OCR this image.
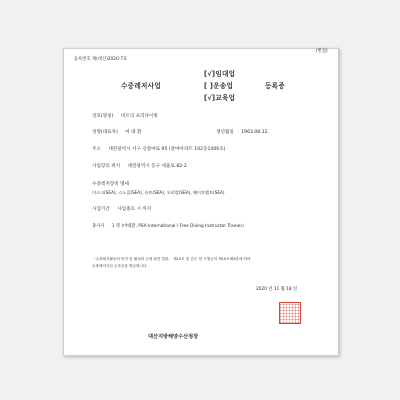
등록번호 제(대산)2020-7호
(별첨)
[√]임대업
수중레저사업	[ ]운송업	등록증
[√]교육업
상호(명칭) 비르리 프리다이빙
성명(대표자) 마 대 환	생년월일 1963.08.12.
주소 대전광역시 서구 신갈마로 95 (갈마아파트 102동1406호)
사업장의 위치 대전광역시 동구 세울로 82-2
수중레저장비 명세
이스크(SEA), 스노클(SEA), 슈트(SEA), 오리발(SEA), 웨이트벨트(SEA)
사업기간 사업종료 시 까지
종사자 1 명 (마대환, PSA International / Free Diving Instructor Trainer)
「수중레저활동의 안전 및 활성화 등에 관한 법률」 제15조 및 같은 법 시행규칙 제10조제4항에 따라
수중레저사업 등록증을 발급합니다.
2020 년 11 월 18 일
대산지방해양수산청장
